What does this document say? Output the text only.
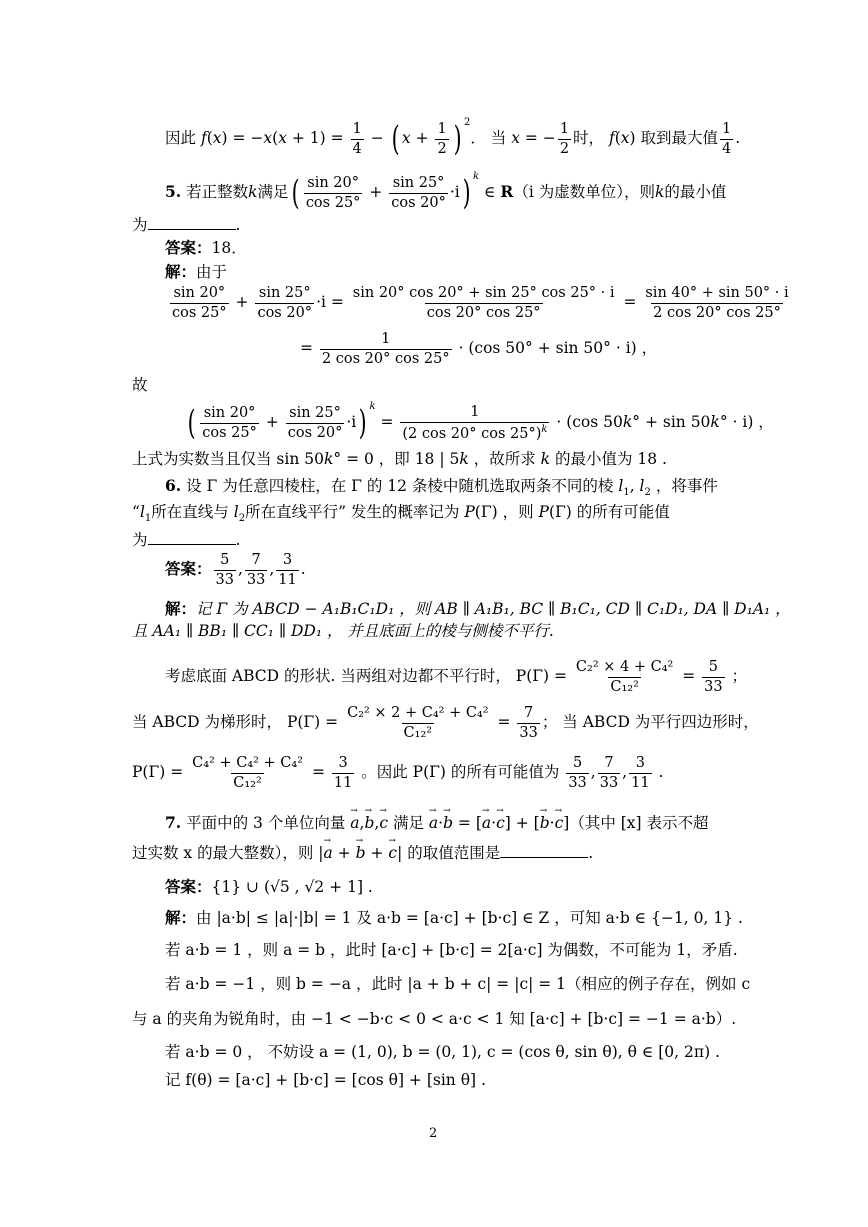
因此 $f(x) = -x(x + 1) = \frac{1}{4}$ − ( $x + \frac{1}{2}$ ) $^2$． 当 x = − $\frac{1}{2}$ 时， f(x) 取到最大值 $\frac{1}{4}$ .
5. 若正整数k满足( $\frac{\sin 20^\circ}{\cos 25^\circ} + \frac{\sin 25^\circ}{\cos 20^\circ} \cdot i$) $^k$ ∈ R（i 为虚数单位），则k的最小值
为	.
答案：18．
解：由于
$\frac{\sin 20^\circ}{\cos 25^\circ} + \frac{\sin 25^\circ}{\cos 20^\circ} \cdot i = \frac{\sin 20^\circ \cos 20^\circ + \sin 25^\circ \cos 25^\circ \cdot i}{\cos 20^\circ \cos 25^\circ} = \frac{\sin 40^\circ + \sin 50^\circ \cdot i}{2 \cos 20^\circ \cos 25^\circ}$
= $\frac{1}{2 \cos 20^\circ \cos 25^\circ} \cdot (\cos$ 50° + sin 50° · i) ，
故
( $\frac{\sin 20^\circ}{\cos 25^\circ} + \frac{\sin 25^\circ}{\cos 20^\circ} \cdot i$) $^k = \frac{1}{(2 \cos 20^\circ \cos 25^\circ)^k} \cdot (\cos$ 50k° + sin 50k° · i) ，
上式为实数当且仅当 sin 50k° = 0 ，即 18 | 5k ，故所求 k 的最小值为 18 .
6. 设 Γ 为任意四棱柱，在 Γ 的 12 条棱中随机选取两条不同的棱 $l_1$, $l_2$ ，将事件
“$l_1$所在直线与 $l_2$所在直线平行” 发生的概率记为 P(Γ) ，则 P(Γ) 的所有可能值
为	.
答案： $\frac{5}{33}$ , $\frac{7}{33}$ , $\frac{3}{11}$ .
解：记 Γ 为 ABCD − A₁B₁C₁D₁ ，则 AB ∥ A₁B₁, BC ∥ B₁C₁, CD ∥ C₁D₁, DA ∥ D₁A₁ ，
且 AA₁ ∥ BB₁ ∥ CC₁ ∥ DD₁ ， 并且底面上的棱与侧棱不平行.
考虑底面 ABCD 的形状. 当两组对边都不平行时， $P(\Gamma) = \frac{\text{C₂² × 4 + C₄²}}{\text{C₁₂²}} = \frac{5}{33}$ ；
当 ABCD 为梯形时， $P(\Gamma) = \frac{\text{C₂² × 2 + C₄² + C₄²}}{\text{C₁₂²}} = \frac{7}{33}$ ； 当 ABCD 为平行四边形时，
$P(\Gamma) = \frac{\text{C₄² + C₄² + C₄²}}{\text{C₁₂²}} = \frac{3}{11}$ 。因此 P(Γ) 的所有可能值为 $\frac{5}{33}$ , $\frac{7}{33}$ , $\frac{3}{11}$ .
7. 平面中的 3 个单位向量 → a,→ b,→ c 满足 → a·→ b = [→ a·→ c] + [→ b·→ c]（其中 [x] 表示不超
过实数 x 的最大整数），则 |→ a + → b + → c| 的取值范围是	.
答案：{1} ∪ (√5 , √2 + 1] .
解：由 |a·b| ≤ |a|·|b| = 1 及 a·b = [a·c] + [b·c] ∈ Z ，可知 a·b ∈ {−1, 0, 1} .
若 a·b = 1 ，则 a = b ，此时 [a·c] + [b·c] = 2[a·c] 为偶数，不可能为 1，矛盾.
若 a·b = −1 ，则 b = −a ，此时 |a + b + c| = |c| = 1（相应的例子存在，例如 c
与 a 的夹角为锐角时，由 −1 < −b·c < 0 < a·c < 1 知 [a·c] + [b·c] = −1 = a·b）.
若 a·b = 0 ， 不妨设 a = (1, 0), b = (0, 1), c = (cos θ, sin θ), θ ∈ [0, 2π) .
记 f(θ) = [a·c] + [b·c] = [cos θ] + [sin θ] .
2
